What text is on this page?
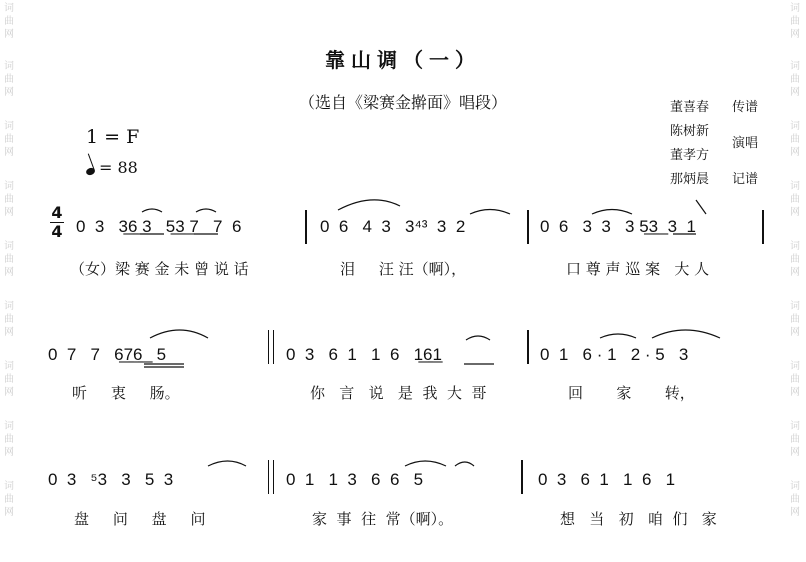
词曲网
词曲网
词曲网
词曲网
词曲网
词曲网
词曲网
词曲网
词曲网
词曲网
词曲网
词曲网
词曲网
词曲网
词曲网
词曲网
词曲网
词曲网
靠山调（一）
（选自《梁赛金擀面》唱段）	董喜春 传谱
陈树新
演唱
董孝方
那炳晨 记谱
1 = F
= 88
4
4 0  3   3͟6͟ 3   5͟3͟ 7   7  6	0  6   4  3   3⁴³  3  2	0  6   3  3   3 5͟3͟  3  1
（女）梁 赛 金 未 曾 说 话	泪     汪 汪（啊），	口 尊 声 巡 案   大 人
0  7   7   6͟7͟6͟   5	0  3   6  1   1  6   1͟6͟1	0  1   6 · 1   2 · 5   3
听     衷     肠。	你   言   说   是  我  大  哥	回       家       转，
0  3   ⁵3   3   5  3	0  1   1  3   6  6   5	0  3   6  1   1  6   1
盘     问     盘     问	家  事  往  常（啊）。	想   当   初   咱  们   家
